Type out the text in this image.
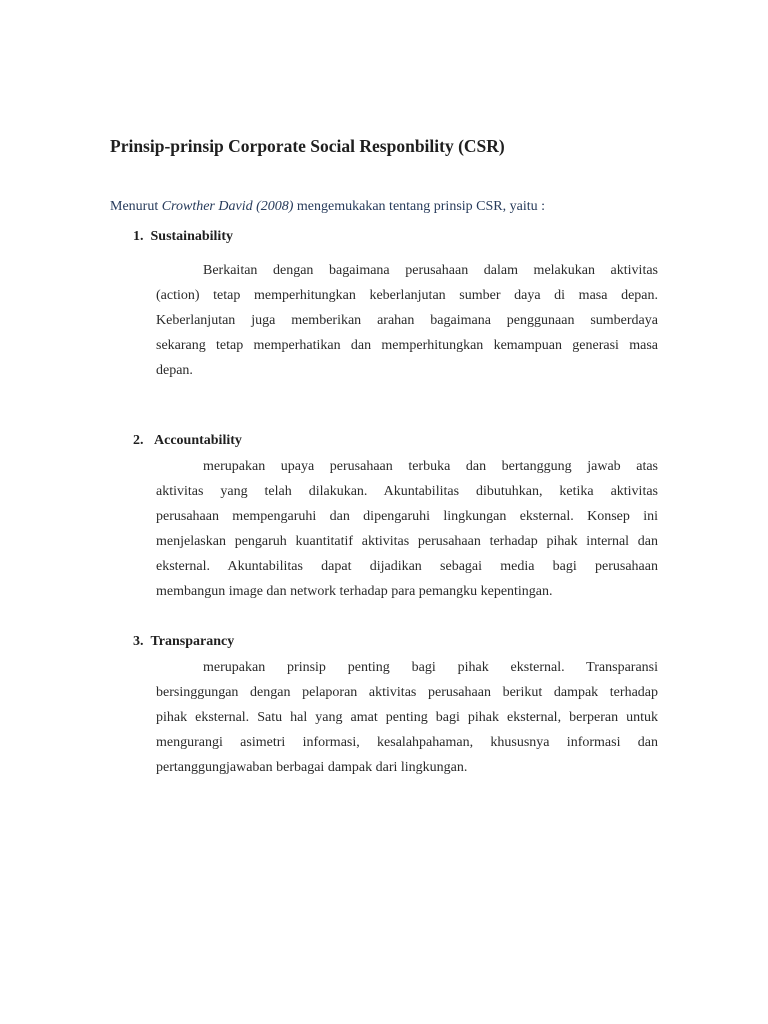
Prinsip-prinsip Corporate Social Responbility (CSR)
Menurut Crowther David (2008) mengemukakan tentang prinsip CSR, yaitu :
1. Sustainability
Berkaitan dengan bagaimana perusahaan dalam melakukan aktivitas
(action) tetap memperhitungkan keberlanjutan sumber daya di masa depan.
Keberlanjutan juga memberikan arahan bagaimana penggunaan sumberdaya
sekarang tetap memperhatikan dan memperhitungkan kemampuan generasi masa
depan.
2. Accountability
merupakan upaya perusahaan terbuka dan bertanggung jawab atas
aktivitas yang telah dilakukan. Akuntabilitas dibutuhkan, ketika aktivitas
perusahaan mempengaruhi dan dipengaruhi lingkungan eksternal. Konsep ini
menjelaskan pengaruh kuantitatif aktivitas perusahaan terhadap pihak internal dan
eksternal. Akuntabilitas dapat dijadikan sebagai media bagi perusahaan
membangun image dan network terhadap para pemangku kepentingan.
3. Transparancy
merupakan prinsip penting bagi pihak eksternal. Transparansi
bersinggungan dengan pelaporan aktivitas perusahaan berikut dampak terhadap
pihak eksternal. Satu hal yang amat penting bagi pihak eksternal, berperan untuk
mengurangi asimetri informasi, kesalahpahaman, khususnya informasi dan
pertanggungjawaban berbagai dampak dari lingkungan.
